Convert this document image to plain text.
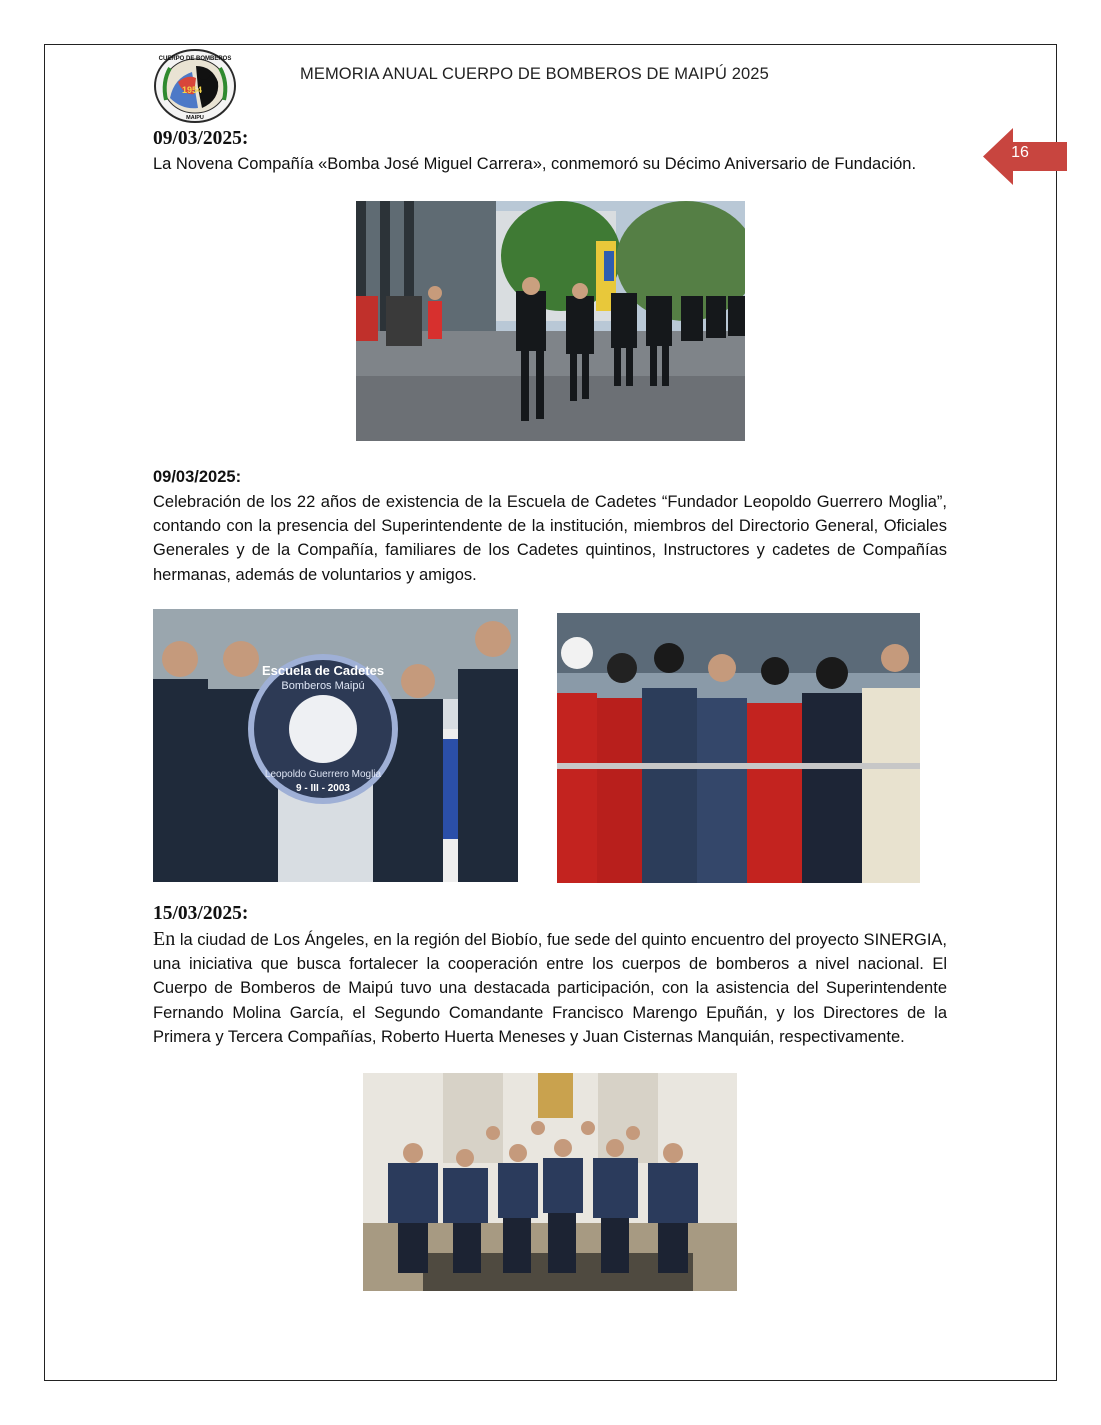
1954
CUERPO DE BOMBEROS
MAIPU
MEMORIA ANUAL CUERPO DE BOMBEROS DE MAIPÚ 2025
16
09/03/2025:
La Novena Compañía «Bomba José Miguel Carrera», conmemoró su Décimo Aniversario de Fundación.
09/03/2025:
Celebración de los 22 años de existencia de la Escuela de Cadetes “Fundador Leopoldo Guerrero Moglia”, contando con la presencia del Superintendente de la institución, miembros del Directorio General, Oficiales Generales y de la Compañía, familiares de los Cadetes quintinos, Instructores y cadetes de Compañías hermanas, además de voluntarios y amigos.
Bomberos Maipú
Escuela de Cadetes
Leopoldo Guerrero Moglia
9 - III - 2003
15/03/2025:
En la ciudad de Los Ángeles, en la región del Biobío, fue sede del quinto encuentro del proyecto SINERGIA, una iniciativa que busca fortalecer la cooperación entre los cuerpos de bomberos a nivel nacional. El Cuerpo de Bomberos de Maipú tuvo una destacada participación, con la asistencia del Superintendente Fernando Molina García, el Segundo Comandante Francisco Marengo Epuñán, y los Directores de la Primera y Tercera Compañías, Roberto Huerta Meneses y Juan Cisternas Manquián, respectivamente.
